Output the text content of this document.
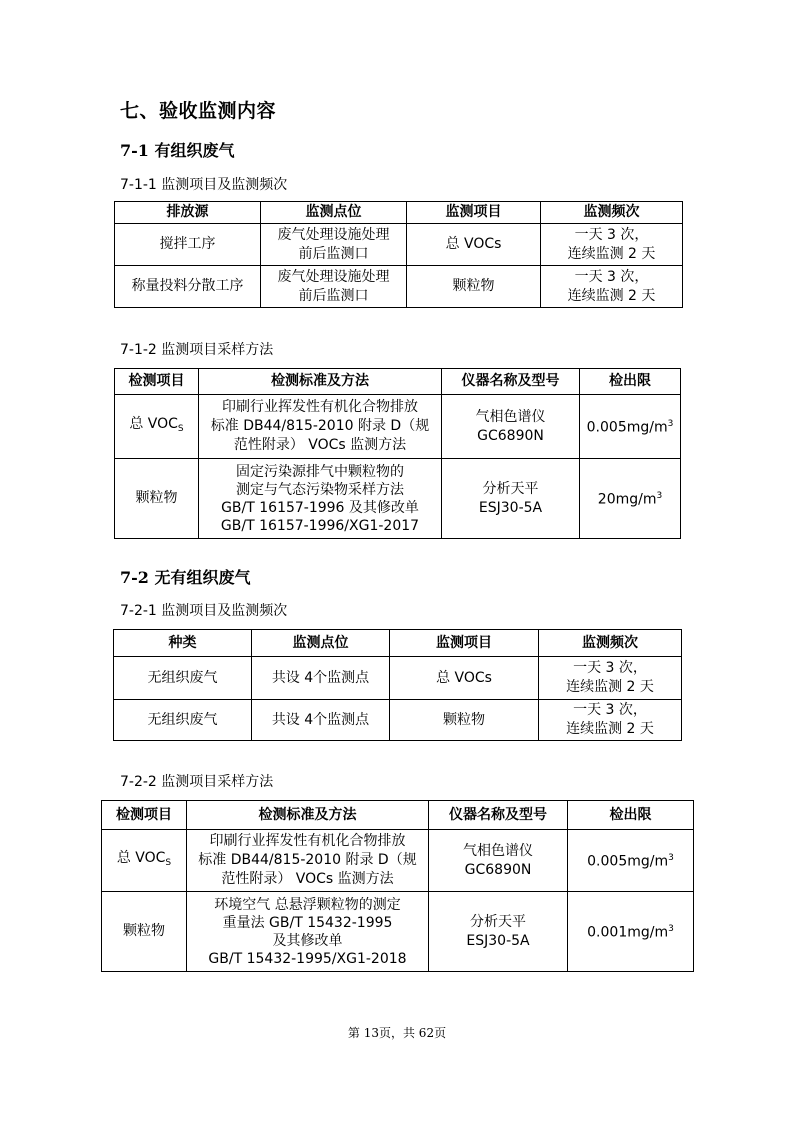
七、验收监测内容
7-1 有组织废气
7-1-1 监测项目及监测频次
排放源	监测点位	监测项目	监测频次
搅拌工序	废气处理设施处理
前后监测口	总 VOCs	一天 3 次，
连续监测 2 天
称量投料分散工序	废气处理设施处理
前后监测口	颗粒物	一天 3 次，
连续监测 2 天
7-1-2 监测项目采样方法
检测项目	检测标准及方法	仪器名称及型号	检出限
总 $VOC_S$	印刷行业挥发性有机化合物排放
标准 DB44/815-2010 附录 D（规
范性附录） VOCs 监测方法	气相色谱仪
GC6890N	$0.005mg/m^3$
颗粒物	固定污染源排气中颗粒物的
测定与气态污染物采样方法
GB/T 16157-1996 及其修改单
GB/T 16157-1996/XG1-2017	分析天平
ESJ30-5A	$20mg/m^3$
7-2 无有组织废气
7-2-1 监测项目及监测频次
种类	监测点位	监测项目	监测频次
无组织废气	共设 4个监测点	总 VOCs	一天 3 次，
连续监测 2 天
无组织废气	共设 4个监测点	颗粒物	一天 3 次，
连续监测 2 天
7-2-2 监测项目采样方法
检测项目	检测标准及方法	仪器名称及型号	检出限
总 $VOC_S$	印刷行业挥发性有机化合物排放
标准 DB44/815-2010 附录 D（规
范性附录） VOCs 监测方法	气相色谱仪
GC6890N	$0.005mg/m^3$
颗粒物	环境空气 总悬浮颗粒物的测定
重量法 GB/T 15432-1995
及其修改单
GB/T 15432-1995/XG1-2018	分析天平
ESJ30-5A	$0.001mg/m^3$
第 13页，共 62页
